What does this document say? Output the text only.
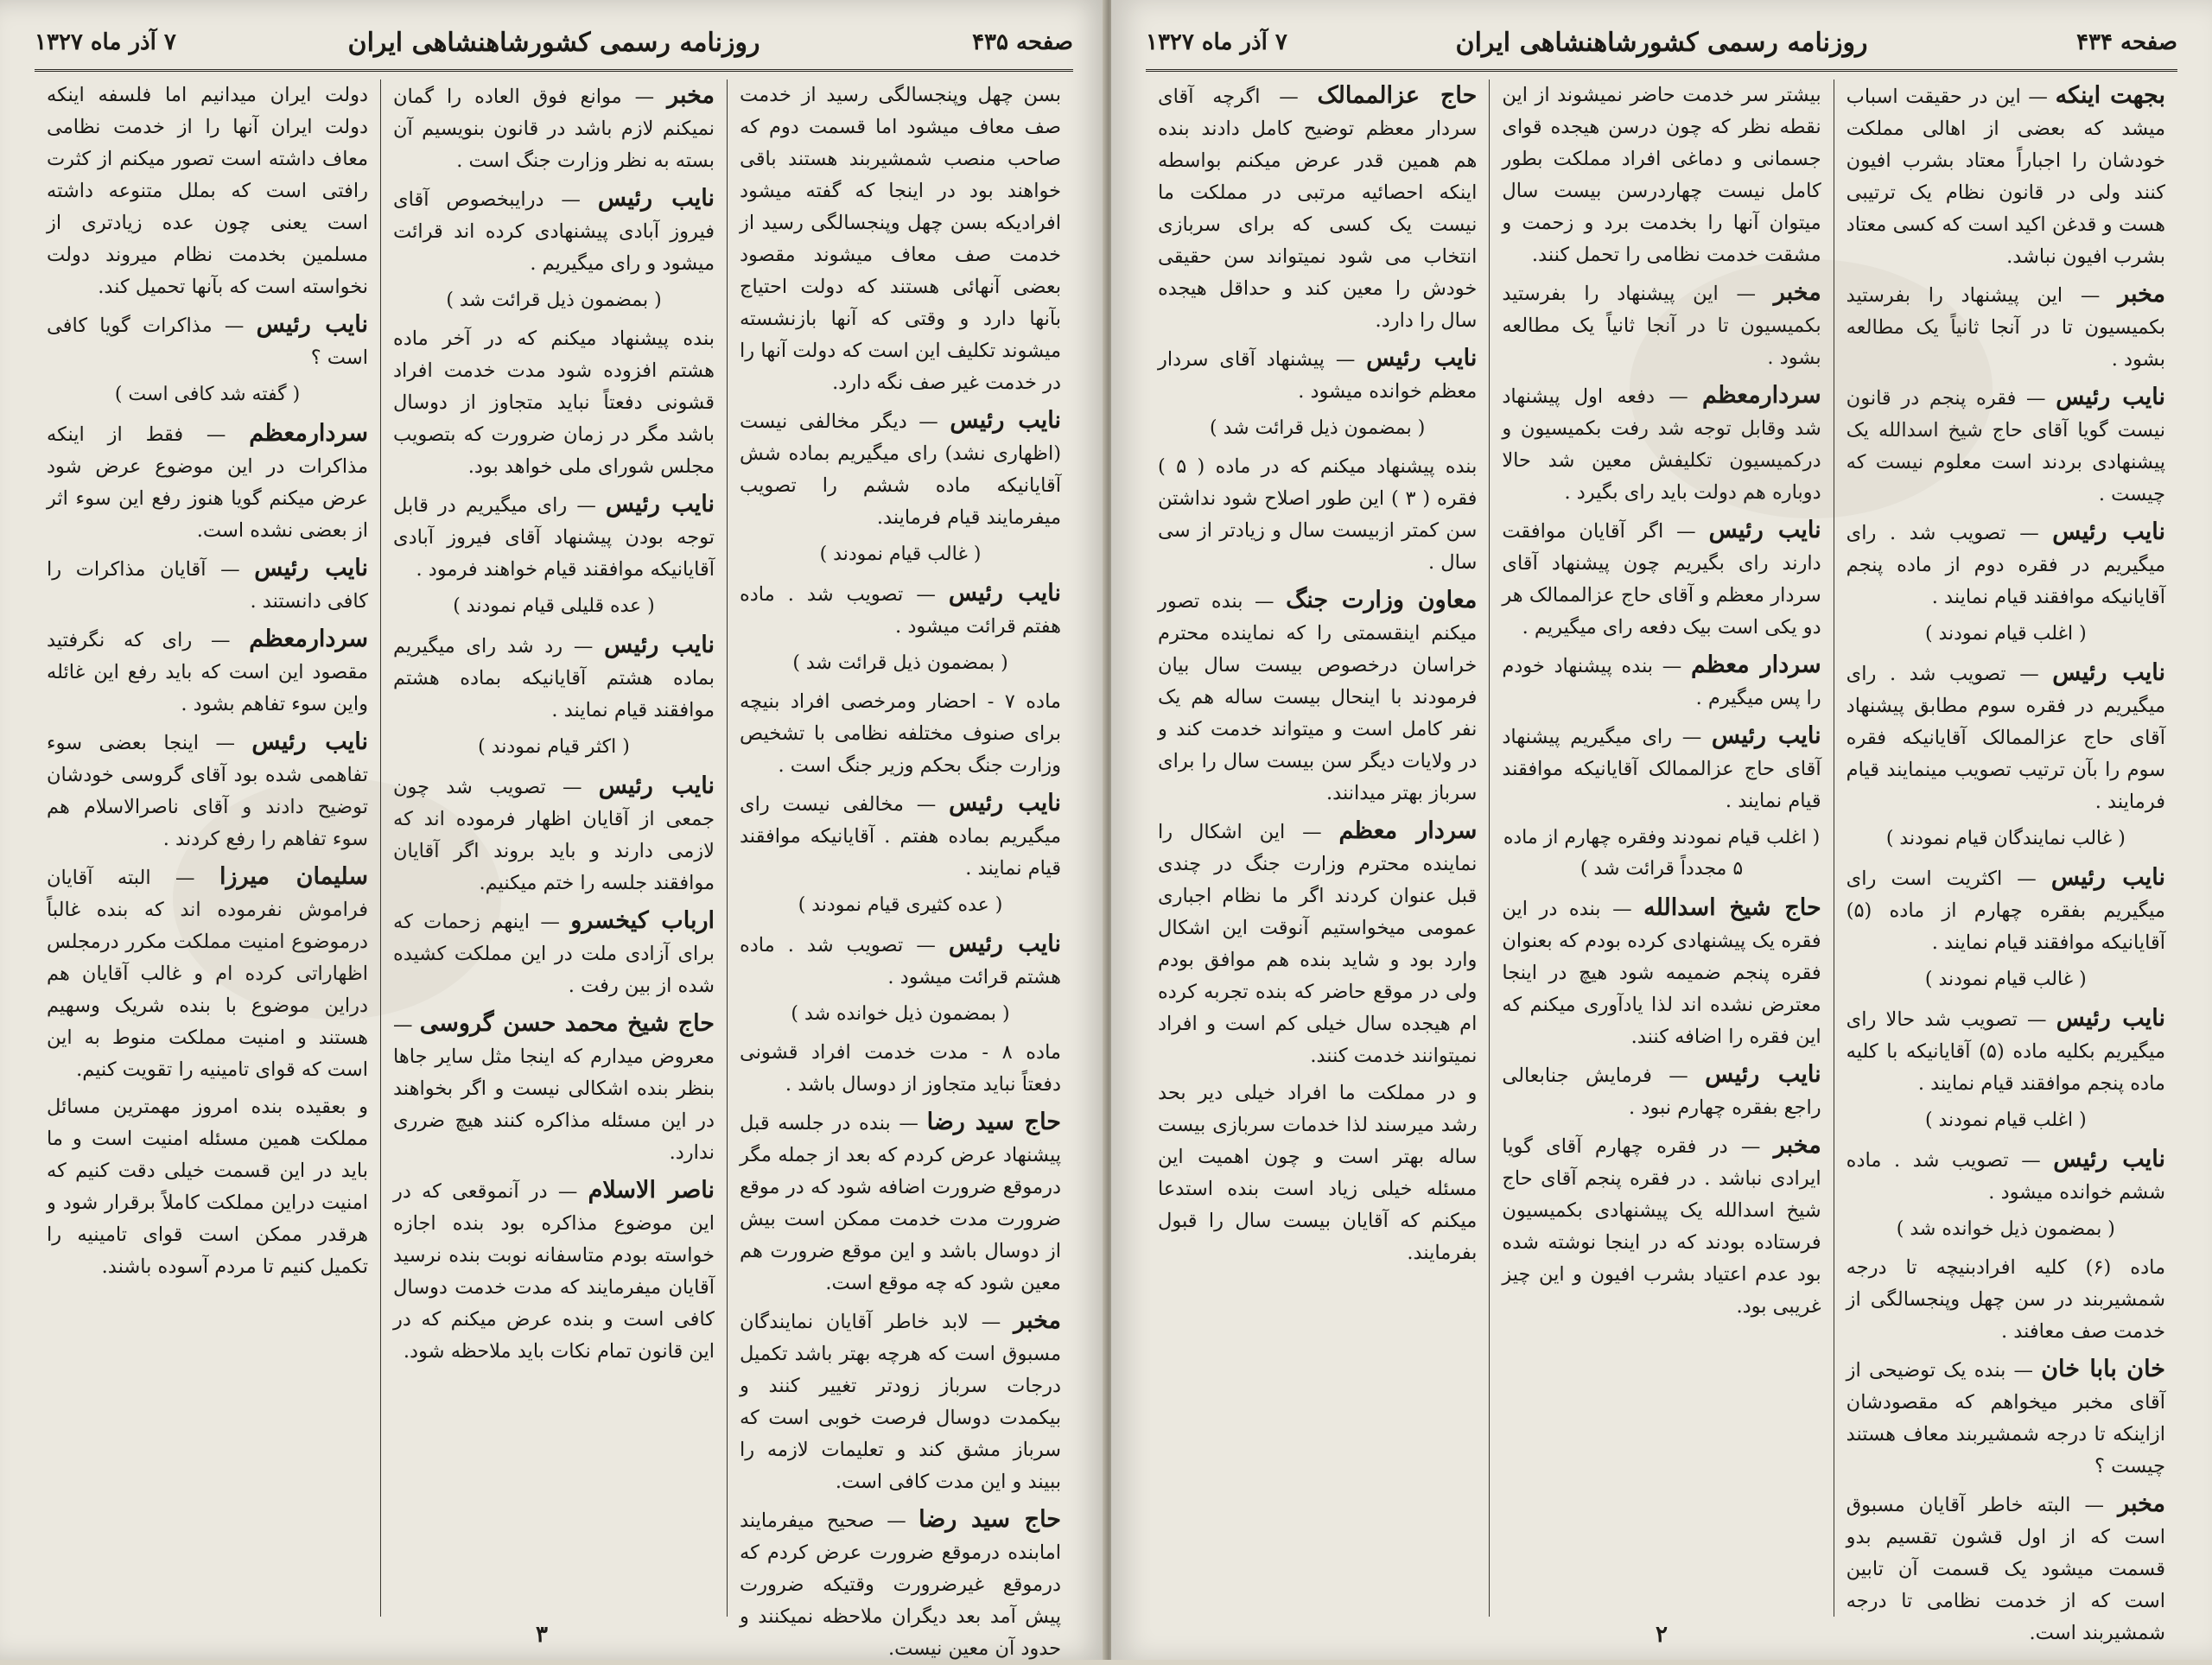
صفحه ۴۳۵
روزنامه رسمی کشورشاهنشاهی ایران
۷ آذر ماه ۱۳۲۷

بسن چهل وپنجسالگی رسید از خدمت صف معاف میشود اما قسمت دوم که صاحب منصب شمشیربند هستند باقی خواهند بود در اینجا که گفته میشود افرادیکه بسن چهل وپنجسالگی رسید از خدمت صف معاف میشوند مقصود بعضی آنهائی هستند که دولت احتیاج بآنها دارد و وقتی که آنها بازنشسته میشوند تکلیف این است که دولت آنها را در خدمت غیر صف نگه دارد.

نایب رئیس — دیگر مخالفی نیست (اظهاری نشد) رای میگیریم بماده شش آقایانیکه ماده ششم را تصویب میفرمایند قیام فرمایند.

( غالب قیام نمودند )

نایب رئیس — تصویب شد . ماده هفتم قرائت میشود .

( بمضمون ذیل قرائت شد )

ماده ۷ - احضار ومرخصی افراد بنیچه برای صنوف مختلفه نظامی با تشخیص وزارت جنگ بحکم وزیر جنگ است .

نایب رئیس — مخالفی نیست رای میگیریم بماده هفتم . آقایانیکه موافقند قیام نمایند .

( عده کثیری قیام نمودند )

نایب رئیس — تصویب شد . ماده هشتم قرائت میشود .

( بمضمون ذیل خوانده شد )

ماده ۸ - مدت خدمت افراد قشونی دفعتاً نباید متجاوز از دوسال باشد .

حاج سید رضا — بنده در جلسه قبل پیشنهاد عرض کردم که بعد از جمله مگر درموقع ضرورت اضافه شود که در موقع ضرورت مدت خدمت ممکن است بیش از دوسال باشد و این موقع ضرورت هم معین شود که چه موقع است.

مخبر — لابد خاطر آقایان نمایندگان مسبوق است که هرچه بهتر باشد تکمیل درجات سرباز زودتر تغییر کنند و بیکمدت دوسال فرصت خوبی است که سرباز مشق کند و تعلیمات لازمه را ببیند و این مدت کافی است.

حاج سید رضا — صحیح میفرمایند امابنده درموقع ضرورت عرض کردم که درموقع غیرضرورت وقتیکه ضرورت پیش آمد بعد دیگران ملاحظه نمیکنند و حدود آن معین نیست.

مخبر — موانع فوق العاده را گمان نمیکنم لازم باشد در قانون بنویسیم آن بسته به نظر وزارت جنگ است .

نایب رئیس — درایبخصوص آقای فیروز آبادی پیشنهادی کرده اند قرائت میشود و رای میگیریم .

( بمضمون ذیل قرائت شد )

بنده پیشنهاد میکنم که در آخر ماده هشتم افزوده شود مدت خدمت افراد قشونی دفعتاً نباید متجاوز از دوسال باشد مگر در زمان ضرورت که بتصویب مجلس شورای ملی خواهد بود.

نایب رئیس — رای میگیریم در قابل توجه بودن پیشنهاد آقای فیروز آبادی آقایانیکه موافقند قیام خواهند فرمود .

( عده قلیلی قیام نمودند )

نایب رئیس — رد شد رای میگیریم بماده هشتم آقایانیکه بماده هشتم موافقند قیام نمایند .

( اکثر قیام نمودند )

نایب رئیس — تصویب شد چون جمعی از آقایان اظهار فرموده اند که لازمی دارند و باید بروند اگر آقایان موافقند جلسه را ختم میکنیم.

ارباب کیخسرو — اینهم زحمات که برای آزادی ملت در این مملکت کشیده شده از بین رفت .

حاج شیخ محمد حسن گروسی — معروض میدارم که اینجا مثل سایر جاها بنظر بنده اشکالی نیست و اگر بخواهند در این مسئله مذاکره کنند هیچ ضرری ندارد.

ناصر الاسلام — در آنموقعی که در این موضوع مذاکره بود بنده اجازه خواسته بودم متاسفانه نوبت بنده نرسید آقایان میفرمایند که مدت خدمت دوسال کافی است و بنده عرض میکنم که در این قانون تمام نکات باید ملاحظه شود.

دولت ایران میدانیم اما فلسفه اینکه دولت ایران آنها را از خدمت نظامی معاف داشته است تصور میکنم از کثرت رافتی است که بملل متنوعه داشته است یعنی چون عده زیادتری از مسلمین بخدمت نظام میروند دولت نخواسته است که بآنها تحمیل کند.

نایب رئیس — مذاکرات گویا کافی است ؟

( گفته شد کافی است )

سردارمعظم — فقط از اینکه مذاکرات در این موضوع عرض شود عرض میکنم گویا هنوز رفع این سوء اثر از بعضی نشده است.

نایب رئیس — آقایان مذاکرات را کافی دانستند .

سردارمعظم — رای که نگرفتید مقصود این است که باید رفع این غائله واین سوء تفاهم بشود .

نایب رئیس — اینجا بعضی سوء تفاهمی شده بود آقای گروسی خودشان توضیح دادند و آقای ناصرالاسلام هم سوء تفاهم را رفع کردند .

سلیمان میرزا — البته آقایان فراموش نفرموده اند که بنده غالباً درموضوع امنیت مملکت مکرر درمجلس اظهاراتی کرده ام و غالب آقایان هم دراین موضوع با بنده شریک وسهیم هستند و امنیت مملکت منوط به این است که قوای تامینیه را تقویت کنیم.

و بعقیده بنده امروز مهمترین مسائل مملکت همین مسئله امنیت است و ما باید در این قسمت خیلی دقت کنیم که امنیت دراین مملکت کاملاً برقرار شود و هرقدر ممکن است قوای تامینیه را تکمیل کنیم تا مردم آسوده باشند.

۳
صفحه ۴۳۴
روزنامه رسمی کشورشاهنشاهی ایران
۷ آذر ماه ۱۳۲۷

بجهت اینکه — این در حقیقت اسباب میشد که بعضی از اهالی مملکت خودشان را اجباراً معتاد بشرب افیون کنند ولی در قانون نظام یک ترتیبی هست و قدغن اکید است که کسی معتاد بشرب افیون نباشد.

مخبر — این پیشنهاد را بفرستید بکمیسیون تا در آنجا ثانیاً یک مطالعه بشود .

نایب رئیس — فقره پنجم در قانون نیست گویا آقای حاج شیخ اسدالله یک پیشنهادی بردند است معلوم نیست که چیست .

نایب رئیس — تصویب شد . رای میگیریم در فقره دوم از ماده پنجم آقایانیکه موافقند قیام نمایند .

( اغلب قیام نمودند )

نایب رئیس — تصویب شد . رای میگیریم در فقره سوم مطابق پیشنهاد آقای حاج عزالممالک آقایانیکه فقره سوم را بآن ترتیب تصویب مینمایند قیام فرمایند .

( غالب نمایندگان قیام نمودند )

نایب رئیس — اکثریت است رای میگیریم بفقره چهارم از ماده (۵) آقایانیکه موافقند قیام نمایند .

( غالب قیام نمودند )

نایب رئیس — تصویب شد حالا رای میگیریم بکلیه ماده (۵) آقایانیکه با کلیه ماده پنجم موافقند قیام نمایند .

( اغلب قیام نمودند )

نایب رئیس — تصویب شد . ماده ششم خوانده میشود .

( بمضمون ذیل خوانده شد )

ماده (۶) کلیه افرادبنیچه تا درجه شمشیربند در سن چهل وپنجسالگی از خدمت صف معافند .

خان بابا خان — بنده یک توضیحی از آقای مخبر میخواهم که مقصودشان ازاینکه تا درجه شمشیربند معاف هستند چیست ؟

مخبر — البته خاطر آقایان مسبوق است که از اول قشون تقسیم بدو قسمت میشود یک قسمت آن تابین است که از خدمت نظامی تا درجه شمشیربند است.

بیشتر سر خدمت حاضر نمیشوند از این نقطه نظر که چون درسن هیجده قوای جسمانی و دماغی افراد مملکت بطور کامل نیست چهاردرسن بیست سال میتوان آنها را بخدمت برد و زحمت و مشقت خدمت نظامی را تحمل کنند.

مخبر — این پیشنهاد را بفرستید بکمیسیون تا در آنجا ثانیاً یک مطالعه بشود .

سردارمعظم — دفعه اول پیشنهاد شد وقابل توجه شد رفت بکمیسیون و درکمیسیون تکلیفش معین شد حالا دوباره هم دولت باید رای بگیرد .

نایب رئیس — اگر آقایان موافقت دارند رای بگیریم چون پیشنهاد آقای سردار معظم و آقای حاج عزالممالک هر دو یکی است بیک دفعه رای میگیریم .

سردار معظم — بنده پیشنهاد خودم را پس میگیرم .

نایب رئیس — رای میگیریم پیشنهاد آقای حاج عزالممالک آقایانیکه موافقند قیام نمایند .

( اغلب قیام نمودند وفقره چهارم از ماده ۵ مجدداً قرائت شد )

حاج شیخ اسدالله — بنده در این فقره یک پیشنهادی کرده بودم که بعنوان فقره پنجم ضمیمه شود هیچ در اینجا معترض نشده اند لذا یادآوری میکنم که این فقره را اضافه کنند.

نایب رئیس — فرمایش جنابعالی راجع بفقره چهارم نبود .

مخبر — در فقره چهارم آقای گویا ایرادی نباشد . در فقره پنجم آقای حاج شیخ اسدالله یک پیشنهادی بکمیسیون فرستاده بودند که در اینجا نوشته شده بود عدم اعتیاد بشرب افیون و این چیز غریبی بود.

حاج عزالممالک — اگرچه آقای سردار معظم توضیح کامل دادند بنده هم همین قدر عرض میکنم بواسطه اینکه احصائیه مرتبی در مملکت ما نیست یک کسی که برای سربازی انتخاب می شود نمیتواند سن حقیقی خودش را معین کند و حداقل هیجده سال را دارد.

نایب رئیس — پیشنهاد آقای سردار معظم خوانده میشود .

( بمضمون ذیل قرائت شد )

بنده پیشنهاد میکنم که در ماده ( ۵ ) فقره ( ۳ ) این طور اصلاح شود نداشتن سن کمتر ازبیست سال و زیادتر از سی سال .

معاون وزارت جنگ — بنده تصور میکنم اینقسمتی را که نماینده محترم خراسان درخصوص بیست سال بیان فرمودند با اینحال بیست ساله هم یک نفر کامل است و میتواند خدمت کند و در ولایات دیگر سن بیست سال را برای سرباز بهتر میدانند.

سردار معظم — این اشکال را نماینده محترم وزارت جنگ در چندی قبل عنوان کردند اگر ما نظام اجباری عمومی میخواستیم آنوقت این اشکال وارد بود و شاید بنده هم موافق بودم ولی در موقع حاضر که بنده تجربه کرده ام هیجده سال خیلی کم است و افراد نمیتوانند خدمت کنند.

و در مملکت ما افراد خیلی دیر بحد رشد میرسند لذا خدمات سربازی بیست ساله بهتر است و چون اهمیت این مسئله خیلی زیاد است بنده استدعا میکنم که آقایان بیست سال را قبول بفرمایند.

۲
